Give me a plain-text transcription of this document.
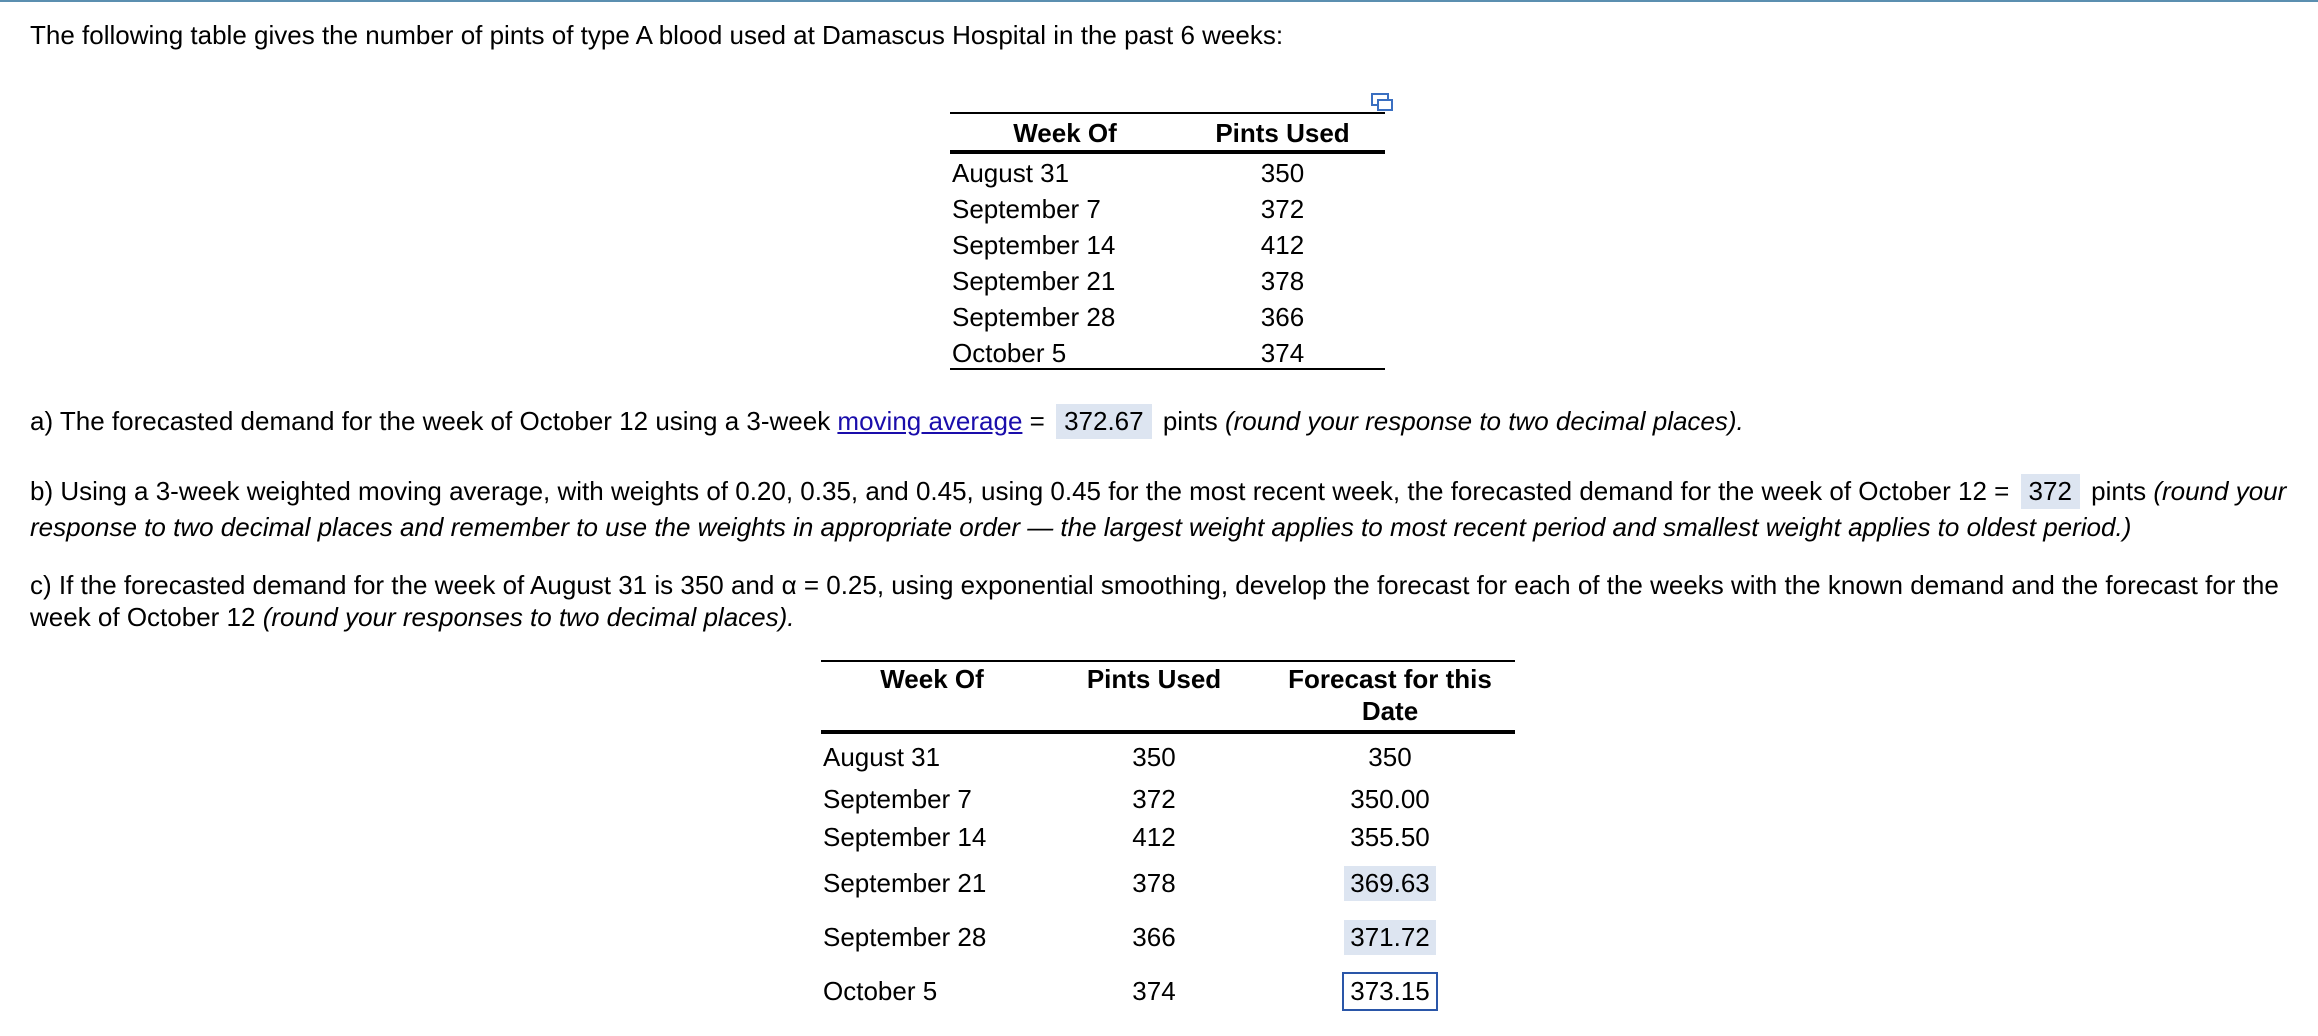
The following table gives the number of pints of type A blood used at Damascus Hospital in the past 6 weeks:
Week Of	Pints Used
August 31	350
September 7	372
September 14	412
September 21	378
September 28	366
October 5	374
a) The forecasted demand for the week of October 12 using a 3-week moving average = 372.67 pints (round your response to two decimal places).
b) Using a 3-week weighted moving average, with weights of 0.20, 0.35, and 0.45, using 0.45 for the most recent week, the forecasted demand for the week of October 12 = 372 pints (round your
response to two decimal places and remember to use the weights in appropriate order — the largest weight applies to most recent period and smallest weight applies to oldest period.)
c) If the forecasted demand for the week of August 31 is 350 and α = 0.25, using exponential smoothing, develop the forecast for each of the weeks with the known demand and the forecast for the
week of October 12 (round your responses to two decimal places).
Week Of	Pints Used	Forecast for this
Date
August 31	350	350
September 7	372	350.00
September 14	412	355.50
September 21	378	369.63
September 28	366	371.72
October 5	374	373.15
